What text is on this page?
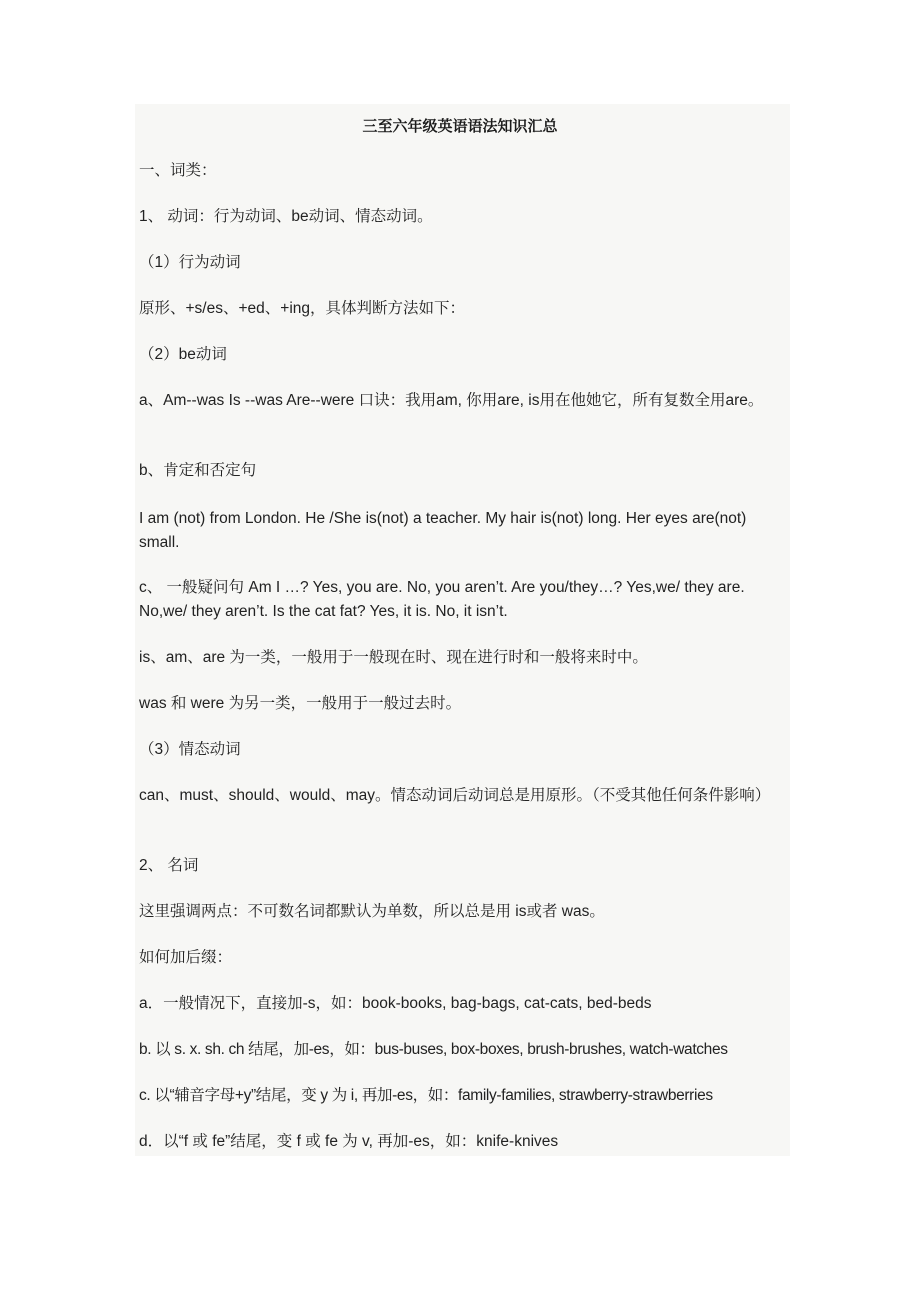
三至六年级英语语法知识汇总
一、词类：
1、 动词：行为动词、be动词、情态动词。
（1）行为动词
原形、+s/es、+ed、+ing，具体判断方法如下：
（2）be动词
a、Am--was Is --was Are--were 口诀：我用am, 你用are, is用在他她它，所有复数全用are。
b、肯定和否定句
I am (not) from London. He /She is(not) a teacher. My hair is(not) long. Her eyes are(not) small.
c、 一般疑问句 Am I …? Yes, you are. No, you aren’t. Are you/they…? Yes,we/ they are. No,we/ they aren’t. Is the cat fat? Yes, it is. No, it isn’t.
is、am、are 为一类，一般用于一般现在时、现在进行时和一般将来时中。
was 和 were 为另一类，一般用于一般过去时。
（3）情态动词
can、must、should、would、may。情态动词后动词总是用原形。（不受其他任何条件影响）
2、 名词
这里强调两点：不可数名词都默认为单数，所以总是用 is或者 was。
如何加后缀：
a．一般情况下，直接加-s，如：book-books, bag-bags, cat-cats, bed-beds
b. 以 s. x. sh. ch 结尾，加-es，如：bus-buses, box-boxes, brush-brushes, watch-watches
c. 以“辅音字母+y”结尾，变 y 为 i, 再加-es，如：family-families, strawberry-strawberries
d．以“f 或 fe”结尾，变 f 或 fe 为 v, 再加-es，如：knife-knives
